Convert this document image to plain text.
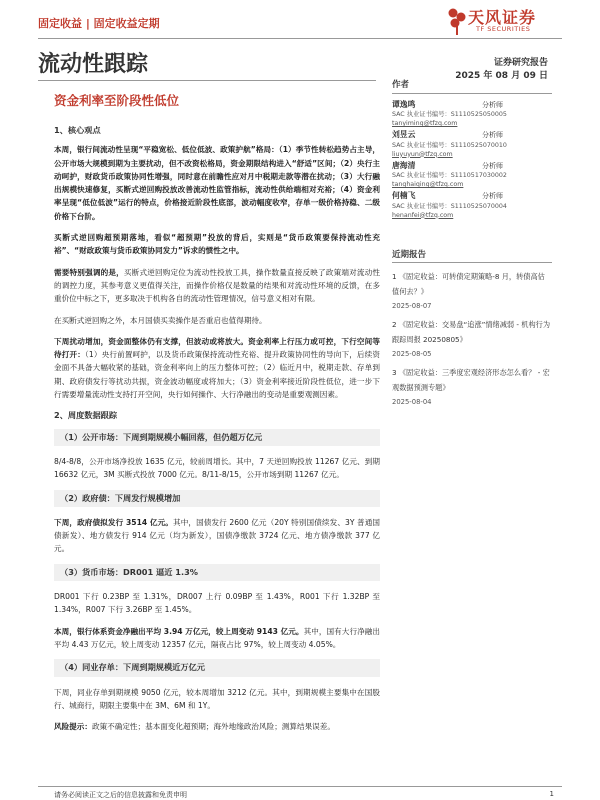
固定收益 | 固定收益定期	天风证券
TF SECURITIES
流动性跟踪	证券研究报告
2025 年 08 月 09 日
资金利率至阶段性低位

1、核心观点

本周，银行间流动性呈现“平稳宽松、低位低波、政策护航”格局：（1）季节性转松趋势占主导，公开市场大规模到期为主要扰动，但不改资松格局，资金期限结构进入“舒适”区间；（2）央行主动呵护，财政货币政策协同性增强，同时意在前瞻性应对月中税期走款等潜在扰动；（3）大行融出规模快速修复，买断式逆回购投放改善流动性监管指标，流动性供给端相对充裕；（4）资金利率呈现“低位低波”运行的特点，价格接近阶段性底部，波动幅度收窄，存单一级价格持稳、二级价格下台阶。

买断式逆回购超预期落地，看似“超预期”投放的背后，实则是“货币政策要保持流动性充裕”、“财政政策与货币政策协同发力”诉求的惯性之中。

需要特别强调的是，买断式逆回购定位为流动性投放工具，操作数量直接反映了政策端对流动性的调控力度，其参考意义更值得关注，而操作价格仅是数量的结果和对流动性环境的反馈，在多重价位中标之下，更多取决于机构各自的流动性管理情况，信号意义相对有限。

在买断式逆回购之外，本月国债买卖操作是否重启也值得期待。

下周扰动增加，资金面整体仍有支撑，但波动或将放大。资金利率上行压力或可控，下行空间等待打开：（1）央行前置呵护，以及货币政策保持流动性充裕、提升政策协同性的导向下，后续资金面不具备大幅收紧的基础，资金利率向上的压力整体可控；（2）临近月中，税期走款、存单到期、政府债发行等扰动共振，资金波动幅度或将加大；（3）资金利率接近阶段性低位，进一步下行需要增量流动性支持打开空间，央行如何操作、大行净融出的变动是重要观测因素。

2、周度数据跟踪

（1）公开市场：下周到期规模小幅回落，但仍超万亿元

8/4-8/8，公开市场净投放 1635 亿元，较前周增长。其中，7 天逆回购投放 11267 亿元、到期 16632 亿元，3M 买断式投放 7000 亿元。8/11-8/15，公开市场到期 11267 亿元。

（2）政府债：下周发行规模增加

下周，政府债拟发行 3514 亿元。其中，国债发行 2600 亿元（20Y 特别国债续发、3Y 普通国债新发）、地方债发行 914 亿元（均为新发），国债净缴款 3724 亿元、地方债净缴款 377 亿元。

（3）货币市场：DR001 逼近 1.3%

DR001 下行 0.23BP 至 1.31%，DR007 上行 0.09BP 至 1.43%，R001 下行 1.32BP 至 1.34%，R007 下行 3.26BP 至 1.45%。

本周，银行体系资金净融出平均 3.94 万亿元，较上周变动 9143 亿元。其中，国有大行净融出平均 4.43 万亿元，较上周变动 12357 亿元，隔夜占比 97%，较上周变动 4.05%。

（4）同业存单：下周到期规模近万亿元

下周，同业存单到期规模 9050 亿元，较本周增加 3212 亿元。其中，到期规模主要集中在国股行、城商行，期限主要集中在 3M、6M 和 1Y。

风险提示：政策不确定性；基本面变化超预期；海外地缘政治风险；测算结果误差。

作者
谭逸鸣	分析师
SAC 执业证书编号：S1110525050005
tanyiming@tfzq.com
刘昱云	分析师
SAC 执业证书编号：S1110525070010
liuyuyun@tfzq.com
唐海清	分析师
SAC 执业证书编号：S1110517030002
tanghaiqing@tfzq.com
何楠飞	分析师
SAC 执业证书编号：S1110525070004
henanfei@tfzq.com
近期报告
1 《固定收益：可转债定期策略-8 月，转债高估值何去？》
2025-08-07
2 《固定收益：交易盘“追涨”情绪减弱 - 机构行为跟踪周报 20250805》
2025-08-05
3 《固定收益：三季度宏观经济形态怎么看？ - 宏观数据预测专题》
2025-08-04
请务必阅读正文之后的信息披露和免责申明	1
